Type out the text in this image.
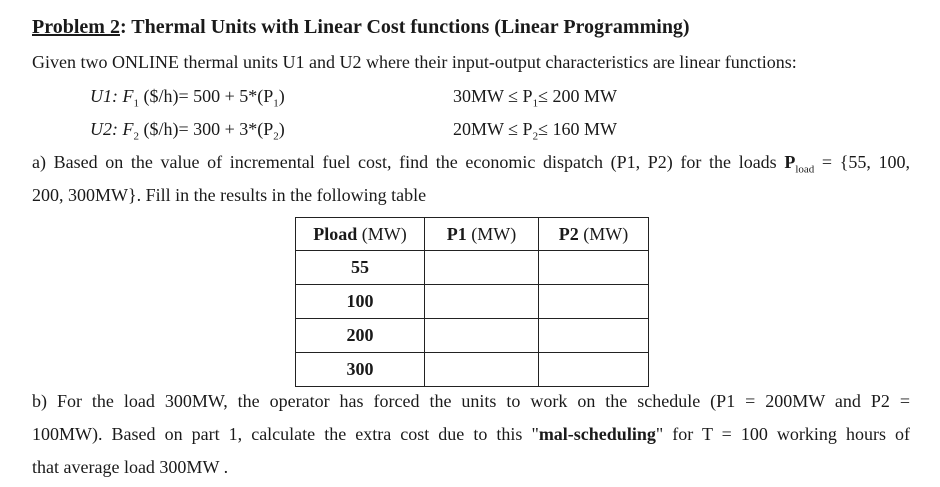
Problem 2: Thermal Units with Linear Cost functions (Linear Programming)
Given two ONLINE thermal units U1 and U2 where their input-output characteristics are linear functions:
U1: $F_1$ ($/h)= $500 + 5*(P_1)$	$30MW \le P_1\le 200$ MW
U2: $F_2$ ($/h)= $300 + 3*(P_2)$	$20MW \le P_2\le 160$ MW
a) Based on the value of incremental fuel cost, find the economic dispatch (P1, P2) for the loads $P_{load} = \{55$, 100,
200, 300MW}. Fill in the results in the following table
Pload (MW)	P1 (MW)	P2 (MW)
55		
100		
200		
300		
b) For the load 300MW, the operator has forced the units to work on the schedule (P1 = 200MW and P2 =
100MW). Based on part 1, calculate the extra cost due to this "mal-scheduling" for T = 100 working hours of
that average load 300MW .
